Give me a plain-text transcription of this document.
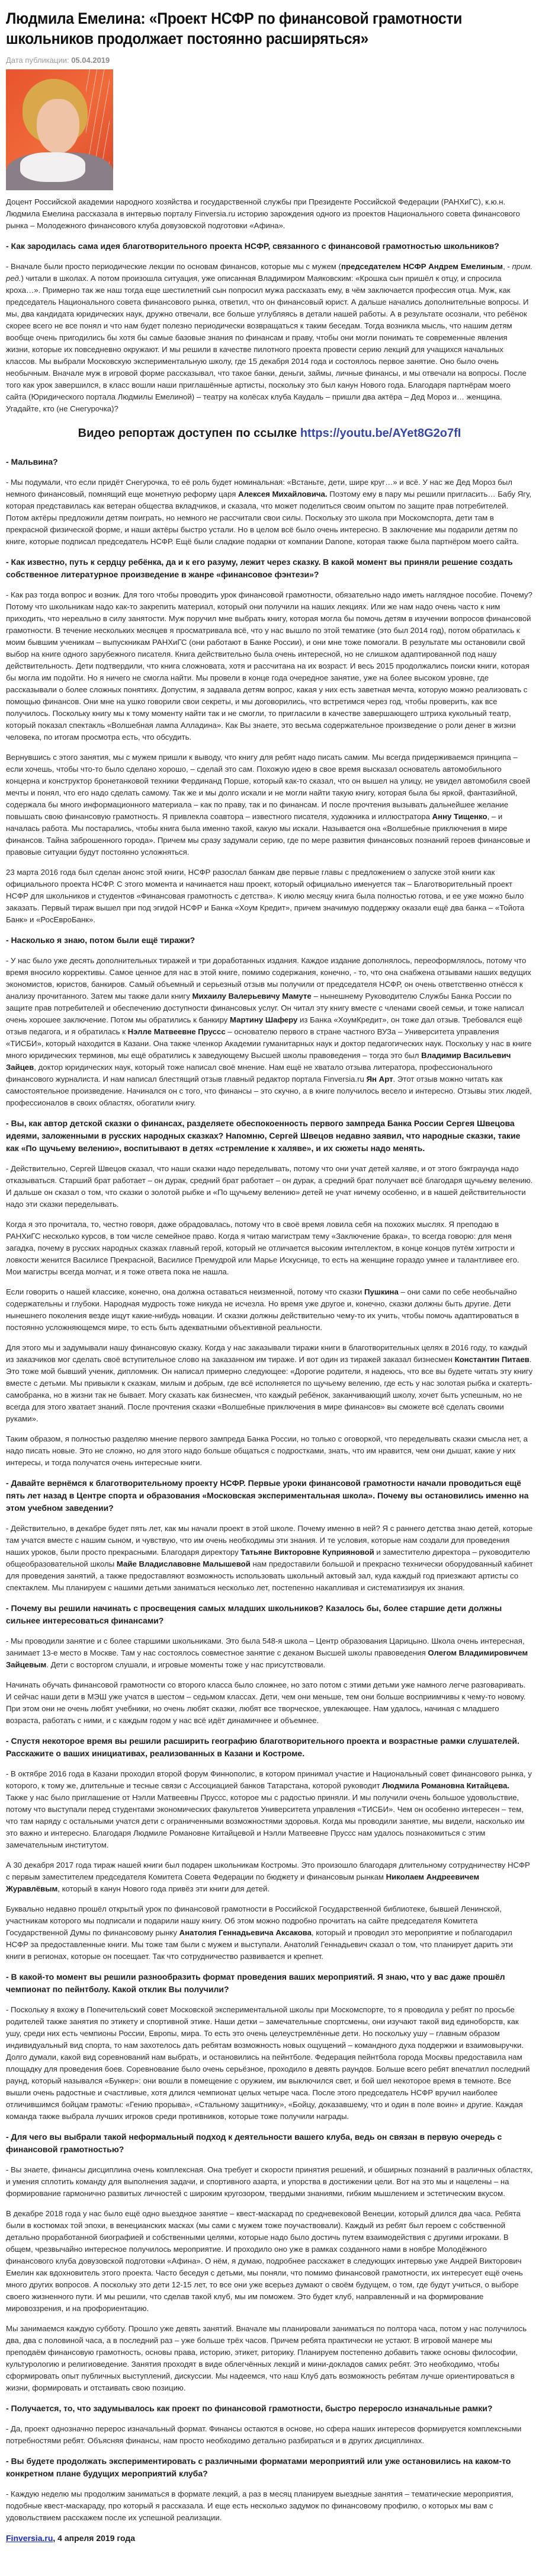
Людмила Емелина: «Проект НСФР по финансовой грамотности школьников продолжает постоянно расширяться»
Дата публикации: 05.04.2019

Доцент Российской академии народного хозяйства и государственной службы при Президенте Российской Федерации (РАНХиГС), к.ю.н. Людмила Емелина рассказала в интервью порталу Finversia.ru историю зарождения одного из проектов Национального совета финансового рынка – Молодежного финансового клуба довузовской подготовки «Афина».

- Как зародилась сама идея благотворительного проекта НСФР, связанного с финансовой грамотностью школьников?

- Вначале были просто периодические лекции по основам финансов, которые мы с мужем (председателем НСФР Андрем Емелиным, - прим. ред.) читали в школах. А потом произошла ситуация, уже описанная Владимиром Маяковским: «Крошка сын пришёл к отцу, и спросила кроха…». Примерно так же наш тогда еще шестилетний сын попросил мужа рассказать ему, в чём заключается профессия отца. Муж, как председатель Национального совета финансового рынка, ответил, что он финансовый юрист. А дальше начались дополнительные вопросы. И мы, два кандидата юридических наук, дружно отвечали, все больше углубляясь в детали нашей работы. А в результате осознали, что ребёнок скорее всего не все понял и что нам будет полезно периодически возвращаться к таким беседам. Тогда возникла мысль, что нашим детям вообще очень пригодились бы хотя бы самые базовые знания по финансам и праву, чтобы они могли понимать те современные явления жизни, которые их повседневно окружают. И мы решили в качестве пилотного проекта провести серию лекций для учащихся начальных классов. Мы выбрали Московскую экспериментальную школу, где 15 декабря 2014 года и состоялось первое занятие. Оно было очень необычным. Вначале муж в игровой форме рассказывал, что такое банки, деньги, займы, личные финансы, и мы отвечали на вопросы. После того как урок завершился, в класс вошли наши приглашённые артисты, поскольку это был канун Нового года. Благодаря партнёрам моего сайта (Юридического портала Людмилы Емелиной) – театру на колёсах клуба Каудаль – пришли два актёра – Дед Мороз и… женщина. Угадайте, кто (не Снегурочка)?

Видео репортаж доступен по ссылке https://youtu.be/AYet8G2o7fI

- Мальвина?

- Мы подумали, что если придёт Снегурочка, то её роль будет номинальная: «Встаньте, дети, шире круг…» и всё. У нас же Дед Мороз был немного финансовый, помнящий еще монетную реформу царя Алексея Михайловича. Поэтому ему в пару мы решили пригласить… Бабу Ягу, которая представилась как ветеран общества вкладчиков, и сказала, что может поделиться своим опытом по защите прав потребителей. Потом актёры предложили детям поиграть, но немного не рассчитали свои силы. Поскольку это школа при Москомспорта, дети там в прекрасной физической форме, и наши актёры быстро устали. Но в целом всё было очень интересно. В заключение мы подарили детям по книге, которые подписал председатель НСФР. Ещё были сладкие подарки от компании Danone, которая также была партнёром моего сайта.

- Как известно, путь к сердцу ребёнка, да и к его разуму, лежит через сказку. В какой момент вы приняли решение создать собственное литературное произведение в жанре «финансовое фэнтези»?

- Как раз тогда вопрос и возник. Для того чтобы проводить урок финансовой грамотности, обязательно надо иметь наглядное пособие. Почему? Потому что школьникам надо как-то закрепить материал, который они получили на наших лекциях. Или же нам надо очень часто к ним приходить, что нереально в силу занятости. Муж поручил мне выбрать книгу, которая могла бы помочь детям в изучении вопросов финансовой грамотности. В течение нескольких месяцев я просматривала всё, что у нас вышло по этой тематике (это был 2014 год), потом обратилась к моим бывшим ученикам – выпускникам РАНХиГС (они работают в Банке России), и они мне тоже помогали. В результате мы остановили свой выбор на книге одного зарубежного писателя. Книга действительно была очень интересной, но не слишком адаптированной под нашу действительность. Дети подтвердили, что книга сложновата, хотя и рассчитана на их возраст. И весь 2015 продолжались поиски книги, которая бы могла им подойти. Но я ничего не смогла найти. Мы провели в конце года очередное занятие, уже на более высоком уровне, где рассказывали о более сложных понятиях. Допустим, я задавала детям вопрос, какая у них есть заветная мечта, которую можно реализовать с помощью финансов. Они мне на ушко говорили свои секреты, и мы договорились, что встретимся через год, чтобы проверить, как все получилось. Поскольку книгу мы к тому моменту найти так и не смогли, то пригласили в качестве завершающего штриха кукольный театр, который показал спектакль «Волшебная лампа Алладина». Как Вы знаете, это весьма содержательное произведение о роли денег в жизни человека, по итогам просмотра есть, что обсудить.

Вернувшись с этого занятия, мы с мужем пришли к выводу, что книгу для ребят надо писать самим. Мы всегда придерживаемся принципа – если хочешь, чтобы что-то было сделано хорошо, – сделай это сам. Похожую идею в свое время высказал основатель автомобильного концерна и конструктор бронетанковой техники Фердинанд Порше, который как-то сказал, что он вышел на улицу, не увидел автомобиля своей мечты и понял, что его надо сделать самому. Так же и мы долго искали и не могли найти такую книгу, которая была бы яркой, фантазийной, содержала бы много информационного материала – как по праву, так и по финансам. И после прочтения вызывать дальнейшее желание повышать свою финансовую грамотность. Я привлекла соавтора – известного писателя, художника и иллюстратора Анну Тищенко, – и началась работа. Мы постарались, чтобы книга была именно такой, какую мы искали. Называется она «Волшебные приключения в мире финансов. Тайна заброшенного города». Причем мы сразу задумали серию, где по мере развития финансовых познаний героев финансовые и правовые ситуации будут постоянно усложняться.

23 марта 2016 года был сделан анонс этой книги, НСФР разослал банкам две первые главы с предложением о запуске этой книги как официального проекта НСФР. С этого момента и начинается наш проект, который официально именуется так – Благотворительный проект НСФР для школьников и студентов «Финансовая грамотность с детства». К июлю месяцу книга была полностью готова, и ее уже можно было заказать. Первый тираж вышел при под эгидой НСФР и Банка «Хоум Кредит», причем значимую поддержку оказали ещё два банка – «Тойота Банк» и «РосЕвроБанк».

- Насколько я знаю, потом были ещё тиражи?

- У нас было уже десять дополнительных тиражей и три доработанных издания. Каждое издание дополнялось, переоформлялось, потому что время вносило коррективы. Самое ценное для нас в этой книге, помимо содержания, конечно, - то, что она снабжена отзывами наших ведущих экономистов, юристов, банкиров. Самый объемный и серьезный отзыв мы получили от председателя НСФР, он очень ответственно отнёсся к анализу прочитанного. Затем мы также дали книгу Михаилу Валерьевичу Мамуте – нынешнему Руководителю Службы Банка России по защите прав потребителей и обеспечению доступности финансовых услуг. Он читал эту книгу вместе с членами своей семьи, и тоже написал очень хорошее заключение. Потом мы обратились к банкиру Мартину Шаферу из Банка «ХоумКредит», он тоже дал отзыв. Требовался ещё отзыв педагога, и я обратилась к Нэлле Матвеевне Пруссс – основателю первого в стране частного ВУЗа – Университета управления «ТИСБИ», который находится в Казани. Она также членкор Академии гуманитарных наук и доктор педагогических наук. Поскольку у нас в книге много юридических терминов, мы ещё обратились к заведующему Высшей школы правоведения – тогда это был Владимир Васильевич Зайцев, доктор юридических наук, который тоже написал своё мнение. Нам ещё не хватало отзыва литератора, профессионального финансового журналиста. И нам написал блестящий отзыв главный редактор портала Finversia.ru Ян Арт. Этот отзыв можно читать как самостоятельное произведение. Начинался он с того, что финансы – это скучно, а в книге получилось весело и интересно. Отзывы этих людей, профессионалов в своих областях, обогатили книгу.

- Вы, как автор детской сказки о финансах, разделяете обеспокоенность первого зампреда Банка России Сергея Швецова идеями, заложенными в русских народных сказках? Напомню, Сергей Швецов недавно заявил, что народные сказки, такие как «По щучьему велению», воспитывают в детях «стремление к халяве», и их сюжеты надо менять.

- Действительно, Сергей Швецов сказал, что наши сказки надо переделывать, потому что они учат детей халяве, и от этого бэкграунда надо отказываться. Старший брат работает – он дурак, средний брат работает – он дурак, а средний брат получает всё благодаря щучьему велению. И дальше он сказал о том, что сказки о золотой рыбке и «По щучьему велению» детей не учат ничему особенно, и в нашей действительности надо эти сказки переделывать.

Когда я это прочитала, то, честно говоря, даже обрадовалась, потому что в своё время ловила себя на похожих мыслях. Я преподаю в РАНХиГС несколько курсов, в том числе семейное право. Когда я читаю магистрам тему «Заключение брака», то всегда говорю: для меня загадка, почему в русских народных сказках главный герой, который не отличается высоким интеллектом, в конце концов путём хитрости и ловкости женится Василисе Прекрасной, Василисе Премудрой или Марье Искуснице, то есть на женщине гораздо умнее и талантливее его. Мои магистры всегда молчат, и я тоже ответа пока не нашла.

Если говорить о нашей классике, конечно, она должна оставаться неизменной, потому что сказки Пушкина – они сами по себе необычайно содержательны и глубоки. Народная мудрость тоже никуда не исчезла. Но время уже другое и, конечно, сказки должны быть другие. Дети нынешнего поколения везде ищут какие-нибудь новации. И сказки должны действительно чему-то их учить, чтобы помочь адаптироваться в постоянно усложняющемся мире, то есть быть адекватными объективной реальности.

Для этого мы и задумывали нашу финансовую сказку. Когда у нас заказывали тиражи книги в благотворительных целях в 2016 году, то каждый из заказчиков мог сделать своё вступительное слово на заказанном им тираже. И вот один из тиражей заказал бизнесмен Константин Питаев. Это тоже мой бывший ученик, дипломник. Он написал примерно следующее: «Дорогие родители, я надеюсь, что все вы будете читать эту книгу вместе с детьми. Мы привыкли к сказкам, милым и добрым, где всё исполняется по щучьему велению, где есть у нас золотая рыбка и скатерть-самобранка, но в жизни так не бывает. Могу сказать как бизнесмен, что каждый ребёнок, заканчивающий школу, хочет быть успешным, но не всегда для этого хватает знаний. После прочтения сказки «Волшебные приключения в мире финансов» вы сможете всё сделать своими руками».

Таким образом, я полностью разделяю мнение первого зампреда Банка России, но только с оговоркой, что переделывать сказки смысла нет, а надо писать новые. Это не сложно, но для этого надо больше общаться с подростками, знать, что им нравится, чем они дышат, какие у них интересы, и тогда получатся очень интересные книги.

- Давайте вернёмся к благотворительному проекту НСФР. Первые уроки финансовой грамотности начали проводиться ещё пять лет назад в Центре спорта и образования «Московская экспериментальная школа». Почему вы остановились именно на этом учебном заведении?

- Действительно, в декабре будет пять лет, как мы начали проект в этой школе. Почему именно в ней? Я с раннего детства знаю детей, которые там учатся вместе с нашим сыном, и чувствую, что им очень необходимы эти знания. И те условия, которые нам создали для проведения наших уроков, были просто прекрасными. Благодаря директору Татьяне Викторовне Куприяновой и заместителю директора – руководителю общеобразовательной школы Майе Владиславовне Малышевой нам предоставили большой и прекрасно технически оборудованный кабинет для проведения занятий, а также предоставляют возможность использовать школьный актовый зал, куда каждый год приезжают артисты со спектаклем. Мы планируем с нашими детьми заниматься несколько лет, постепенно накапливая и систематизируя их знания.

- Почему вы решили начинать с просвещения самых младших школьников? Казалось бы, более старшие дети должны сильнее интересоваться финансами?

- Мы проводили занятие и с более старшими школьниками. Это была 548-я школа – Центр образования Царицыно. Школа очень интересная, занимает 13-е место в Москве. Там у нас состоялось совместное занятие с деканом Высшей школы правоведения Олегом Владимировичем Зайцевым. Дети с восторгом слушали, и игровые моменты тоже у нас присутствовали.

Начинать обучать финансовой грамотности со второго класса было сложнее, но зато потом с этими детьми уже намного легче разговаривать. И сейчас наши дети в МЭШ уже учатся в шестом – седьмом классах. Дети, чем они меньше, тем они больше восприимчивы к чему-то новому. При этом они не очень любят учебники, но очень любят сказки, любят все творческое, увлекающее. Нам удалось, начиная с младшего возраста, работать с ними, и с каждым годом у нас всё идёт динамичнее и объемнее.

- Спустя некоторое время вы решили расширить географию благотворительного проекта и возрастные рамки слушателей. Расскажите о ваших инициативах, реализованных в Казани и Костроме.

- В октябре 2016 года в Казани проходил второй форум Финнополис, в котором принимал участие и Национальный совет финансового рынка, у которого, к тому же, длительные и тесные связи с Ассоциацией банков Татарстана, которой руководит Людмила Романовна Китайцева. Также у нас было приглашение от Нэлли Матвеевны Пруссс, которое мы с радостью приняли. И мы получили очень большое удовольствие, потому что выступали перед студентами экономических факультетов Университета управления «ТИСБИ». Чем он особенно интересен – тем, что там наряду с остальными учатся дети с ограниченными возможностями здоровья. Когда мы проводили занятие, мы видели, насколько им это важно и интересно. Благодаря Людмиле Романовне Китайцевой и Нэлли Матвеевне Пруссс нам удалось познакомиться с этим замечательным институтом.

А 30 декабря 2017 года тираж нашей книги был подарен школьникам Костромы. Это произошло благодаря длительному сотрудничеству НСФР с первым заместителем председателя Комитета Совета Федерации по бюджету и финансовым рынкам Николаем Андреевичем Журавлёвым, который в канун Нового года привёз эти книги для детей.

Буквально недавно прошёл открытый урок по финансовой грамотности в Российской Государственной библиотеке, бывшей Ленинской, участникам которого мы подписали и подарили нашу книгу. Об этом можно подробно прочитать на сайте председателя Комитета Государственной Думы по финансовому рынку Анатолия Геннадьевича Аксакова, который и проводил это мероприятие и поблагодарил НСФР за предоставленные книги. Мы тоже там были с мужем и выступали. Анатолий Геннадьевич сказал о том, что планирует дарить эти книги в регионах, которые он посещает. Так что сотрудничество развивается и крепнет.

- В какой-то момент вы решили разнообразить формат проведения ваших мероприятий. Я знаю, что у вас даже прошёл чемпионат по пейнтболу. Какой отклик Вы получили?

- Поскольку я вхожу в Попечительский совет Московской экспериментальной школы при Москомспорте, то я проводила у ребят по просьбе родителей также занятия по этикету и спортивной этике. Наши детки – замечательные спортсмены, они изучают такой вид единоборств, как ушу, среди них есть чемпионы России, Европы, мира. То есть это очень целеустремлённые дети. Но поскольку ушу – главным образом индивидуальный вид спорта, то нам захотелось дать ребятам возможность новых ощущений – командного духа поддержки и взаимовыручки. Долго думали, какой вид соревнований нам выбрать, и остановились на пейнтболе. Федерация пейнтбола города Москвы предоставила нам площадку для проведения боев. Соревнование было очень серьёзное, проходило в девять раундов. Больше всего ребят впечатлил последний раунд, который назывался «Бункер»: они вошли в помещение с оружием, им выключился свет, и бой шел некоторое время в темноте. Все вышли очень радостные и счастливые, хотя длился чемпионат целых четыре часа. После этого председатель НСФР вручил наиболее отличившимся бойцам грамоты: «Гению прорыва», «Стальному защитнику», «Бойцу, доказавшему, что и один в поле воин» и другие. Каждая команда также выбрала лучших игроков среди противников, которые тоже получили награды.

- Для чего вы выбрали такой неформальный подход к деятельности вашего клуба, ведь он связан в первую очередь с финансовой грамотностью?

- Вы знаете, финансы дисциплина очень комплексная. Она требует и скорости принятия решений, и обширных познаний в различных областях, и умения сплотить команду для выполнения задачи, и спортивного азарта, и упорства в достижении цели. Вот на это мы и нацелены – на формирование гармонично развитых личностей с широким кругозором, твердыми знаниями, гибким мышлением и эстетическим вкусом.

В декабре 2018 года у нас было ещё одно выездное занятие – квест-маскарад по средневековой Венеции, который длился два часа. Ребята были в костюмах той эпохи, в венецианских масках (мы сами с мужем тоже поучаствовали). Каждый из ребят был героем с собственной детально проработанной биографией и собственными целями, которые надо было достичь путем взаимодействия с другими игроками. В общем, чрезвычайно интересное получилось мероприятие. И проходило оно уже в рамках созданного нами в ноябре Молодёжного финансового клуба довузовской подготовки «Афина». О нём, я думаю, подробнее расскажет в следующих интервью уже Андрей Викторович Емелин как вдохновитель этого проекта. Часто беседуя с детьми, мы поняли, что помимо финансовой грамотности, их интересует ещё очень много других вопросов. А поскольку это дети 12-15 лет, то все они уже всерьез думают о своём будущем, о том, где будут учиться, о выборе своего жизненного пути. И мы решили, что сделав такой клуб, мы им поможем. Это будет клуб, направленный и на формирование мировоззрения, и на профориентацию.

Мы занимаемся каждую субботу. Прошло уже девять занятий. Вначале мы планировали заниматься по полтора часа, потом у нас получилось два, два с половиной часа, а в последний раз – уже больше трёх часов. Причем ребята практически не устают. В игровой манере мы преподаём финансовую грамотность, основы права, историю, этикет, риторику. Планируем постепенно добавить также основы философии, культурологию и религиоведение. Занятия проходят в виде облегчённых лекций и мини-докладов самих ребят. Это необходимо, чтобы сформировать опыт публичных выступлений, дискуссии. Мы надеемся, что наш Клуб дать возможность ребятам лучше ориентироваться в жизни, формировать и отстаивать свою позицию.

- Получается, то, что задумывалось как проект по финансовой грамотности, быстро переросло изначальные рамки?

- Да, проект однозначно перерос изначальный формат. Финансы остаются в основе, но сфера наших интересов формируется комплексными потребностями ребят. Объясняя финансы, нам просто необходимо детально разбираться и в других дисциплинах.

- Вы будете продолжать экспериментировать с различными форматами мероприятий или уже остановились на каком-то конкретном плане будущих мероприятий клуба?

- Каждую неделю мы продолжим заниматься в формате лекций, а раз в месяц планируем выездные занятия – тематические мероприятия, подобные квест-маскараду, про который я рассказала. И еще есть несколько задумок по финансовому профилю, о которых мы вам с удовольствием расскажем после их успешной реализации.

Finversia.ru, 4 апреля 2019 года
